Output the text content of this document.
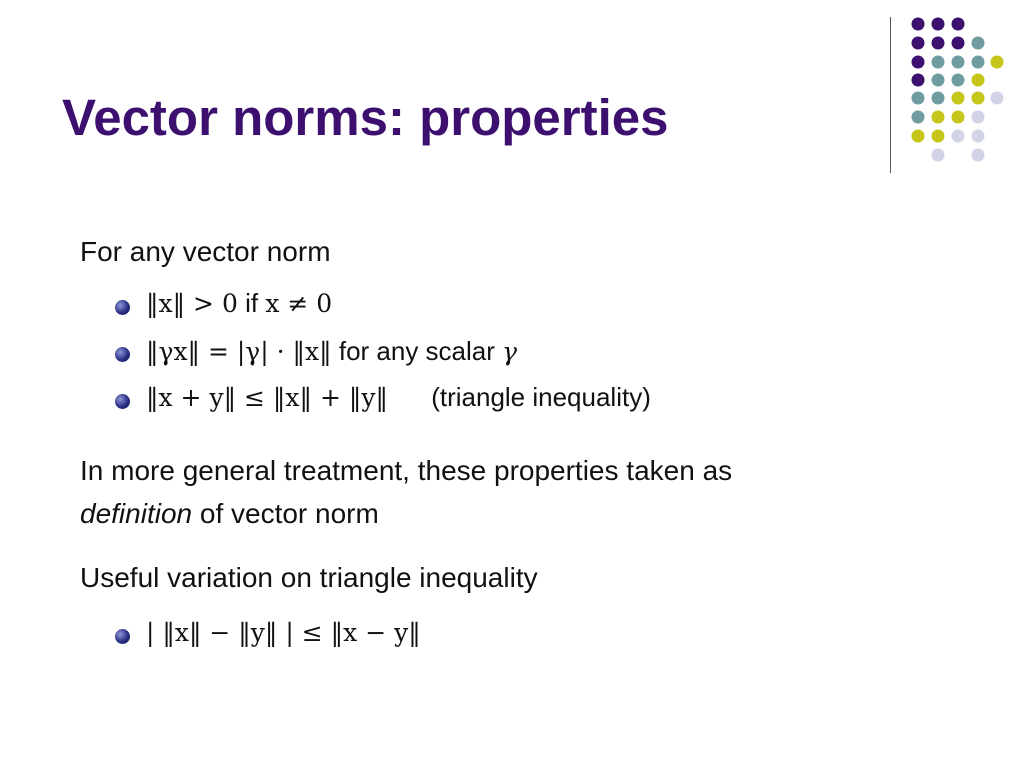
Vector norms: properties
For any vector norm
‖x‖ > 0 if x ≠ 0
‖γx‖ = |γ| · ‖x‖ for any scalar γ
‖x + y‖ ≤ ‖x‖ + ‖y‖ (triangle inequality)
In more general treatment, these properties taken as
definition of vector norm
Useful variation on triangle inequality
| ‖x‖ − ‖y‖ | ≤ ‖x − y‖
